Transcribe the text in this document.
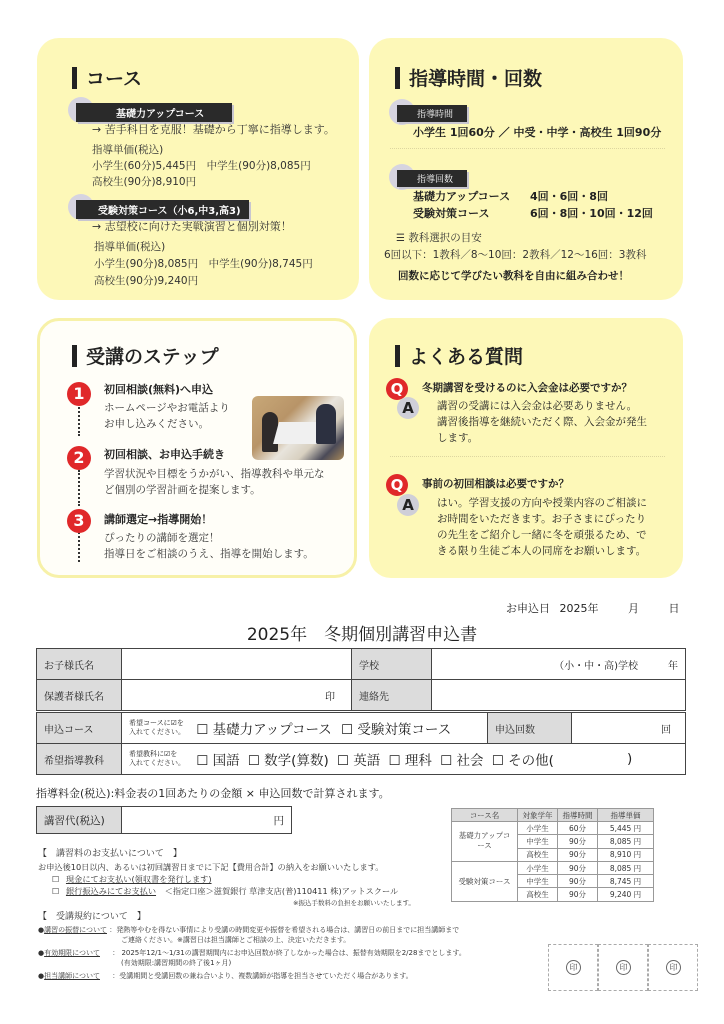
コース
基礎力アップコース
→ 苦手科目を克服！基礎から丁寧に指導します。
指導単価(税込)
小学生(60分)5,445円　中学生(90分)8,085円
高校生(90分)8,910円
受験対策コース（小6,中3,高3)
→ 志望校に向けた実戦演習と個別対策！
指導単価(税込)
小学生(90分)8,085円　中学生(90分)8,745円
高校生(90分)9,240円
指導時間・回数
指導時間
小学生 1回60分 ／ 中受・中学・高校生 1回90分
指導回数
基礎力アップコース 4回・6回・8回
受験対策コース	6回・8回・10回・12回
☰ 教科選択の目安
6回以下：1教科／8〜10回：2教科／12〜16回：3教科
回数に応じて学びたい教科を自由に組み合わせ！
受講のステップ
1	初回相談(無料)へ申込
ホームページやお電話より
お申し込みください。
2	初回相談、お申込手続き
学習状況や目標をうかがい、指導教科や単元な
ど個別の学習計画を提案します。
3	講師選定→指導開始！
ぴったりの講師を選定！
指導日をご相談のうえ、指導を開始します。
よくある質問
Q
A
冬期講習を受けるのに入会金は必要ですか？
講習の受講には入会金は必要ありません。
講習後指導を継続いただく際、入会金が発生
します。
Q
A
事前の初回相談は必要ですか？
はい。学習支援の方向や授業内容のご相談に
お時間をいただきます。お子さまにぴったり
の先生をご紹介し一緒に冬を頑張るため、で
きる限り生徒ご本人の同席をお願いします。
お申込日 2025年	月	日
2025年　冬期個別講習申込書
お子様氏名		学校	（小・中・高)学校　　　年
保護者様氏名	印	連絡先	
申込コース	希望コースに☑を
入れてください。 ☐ 基礎力アップコース ☐ 受験対策コース	申込回数	回
希望指導教科	希望教科に☑を
入れてください。 ☐ 国語 ☐ 数学(算数) ☐ 英語 ☐ 理科 ☐ 社会 ☐ その他( )		
指導料金(税込):料金表の1回あたりの金額 × 申込回数で計算されます。
講習代(税込)	円
【　講習料のお支払いについて　】
お申込後10日以内、あるいは初回講習日までに下記【費用合計】の納入をお願いいたします。
☐ 現金にてお支払い(領収書を発行します)
☐ 銀行振込みにてお支払い ＜指定口座＞滋賀銀行 草津支店(普)110411 株)アットスクール
※振込手数料の負担をお願いいたします。
コース名	対象学年	指導時間	指導単価
基礎力アップコース	小学生	60分	5,445 円
	中学生	90分	8,085 円
	高校生	90分	8,910 円
受験対策コース	小学生	90分	8,085 円
	中学生	90分	8,745 円
	高校生	90分	9,240 円
【　受講規約について　】
●講習の振替について ：発熱等やむを得ない事情により受講の時間変更や振替を希望される場合は、講習日の前日までに担当講師まで
ご連絡ください。※講習日は担当講師とご相談の上、決定いただきます。
●有効期限について ： 2025年12/1〜1/31の講習期間内にお申込回数が終了しなかった場合は、振替有効期限を2/28までとします。
(有効期限:講習期間の終了後1ヶ月)
●担当講師について ：受講期間と受講回数の兼ね合いより、複数講師が指導を担当させていただく場合があります。
印	印	印
